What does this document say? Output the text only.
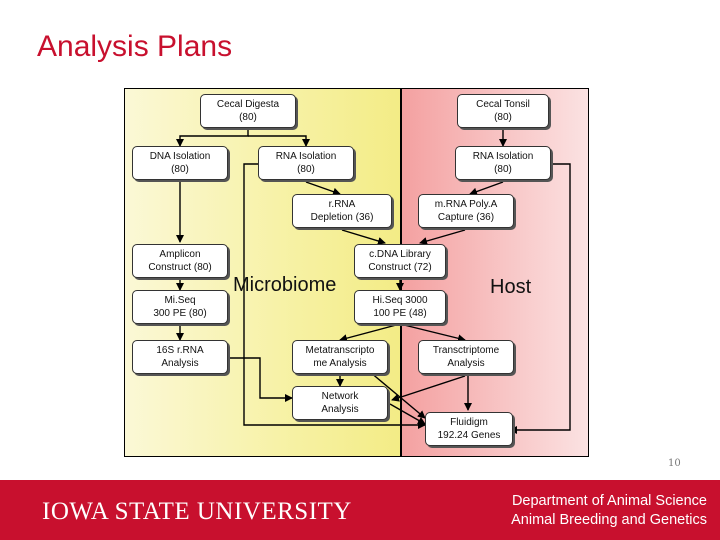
Analysis Plans
Cecal Digesta
(80)
Cecal Tonsil
(80)
DNA Isolation
(80)
RNA Isolation
(80)
RNA Isolation
(80)
r.RNA
Depletion (36)
m.RNA Poly.A
Capture (36)
Amplicon
Construct (80)
c.DNA Library
Construct (72)
Mi.Seq
300 PE (80)
Hi.Seq 3000
100 PE (48)
16S r.RNA
Analysis
Metatranscripto
me Analysis
Transctriptome
Analysis
Network
Analysis
Fluidigm
192.24 Genes
Microbiome	Host
10
IOWA STATE UNIVERSITY	Department of Animal Science
Animal Breeding and Genetics
